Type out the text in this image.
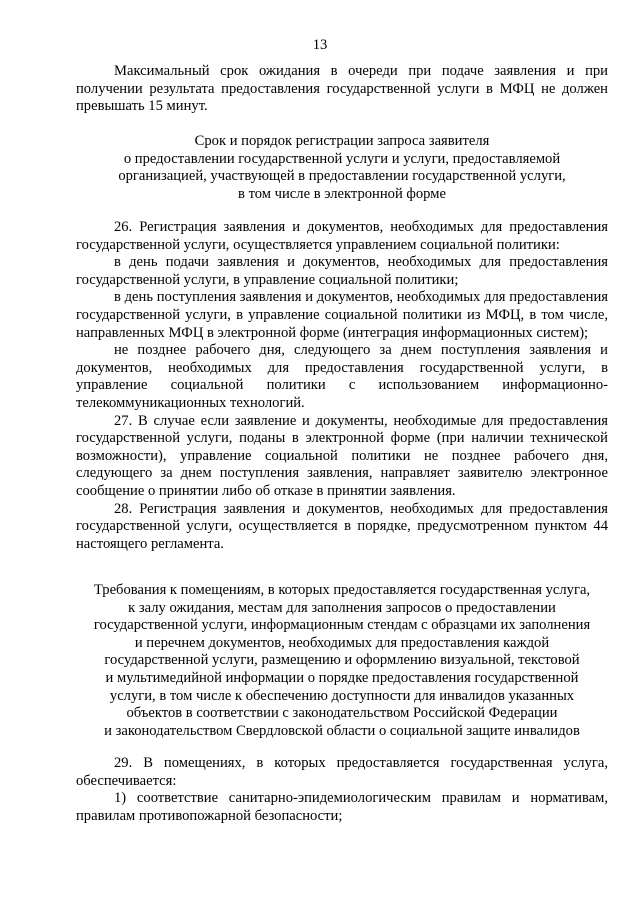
13

Максимальный срок ожидания в очереди при подаче заявления и при получении результата предоставления государственной услуги в МФЦ не должен превышать 15 минут.

Срок и порядок регистрации запроса заявителя

о предоставлении государственной услуги и услуги, предоставляемой

организацией, участвующей в предоставлении государственной услуги,

в том числе в электронной форме

26. Регистрация заявления и документов, необходимых для предоставления государственной услуги, осуществляется управлением социальной политики:

в день подачи заявления и документов, необходимых для предоставления государственной услуги, в управление социальной политики;

в день поступления заявления и документов, необходимых для предоставления государственной услуги, в управление социальной политики из МФЦ, в том числе, направленных МФЦ в электронной форме (интеграция информационных систем);

не позднее рабочего дня, следующего за днем поступления заявления и документов, необходимых для предоставления государственной услуги, в управление социальной политики с использованием информационно-телекоммуникационных технологий.

27. В случае если заявление и документы, необходимые для предоставления государственной услуги, поданы в электронной форме (при наличии технической возможности), управление социальной политики не позднее рабочего дня, следующего за днем поступления заявления, направляет заявителю электронное сообщение о принятии либо об отказе в принятии заявления.

28. Регистрация заявления и документов, необходимых для предоставления государственной услуги, осуществляется в порядке, предусмотренном пунктом 44 настоящего регламента.

Требования к помещениям, в которых предоставляется государственная услуга,

к залу ожидания, местам для заполнения запросов о предоставлении

государственной услуги, информационным стендам с образцами их заполнения

и перечнем документов, необходимых для предоставления каждой

государственной услуги, размещению и оформлению визуальной, текстовой

и мультимедийной информации о порядке предоставления государственной

услуги, в том числе к обеспечению доступности для инвалидов указанных

объектов в соответствии с законодательством Российской Федерации

и законодательством Свердловской области о социальной защите инвалидов

29. В помещениях, в которых предоставляется государственная услуга, обеспечивается:

1) соответствие санитарно-эпидемиологическим правилам и нормативам, правилам противопожарной безопасности;
